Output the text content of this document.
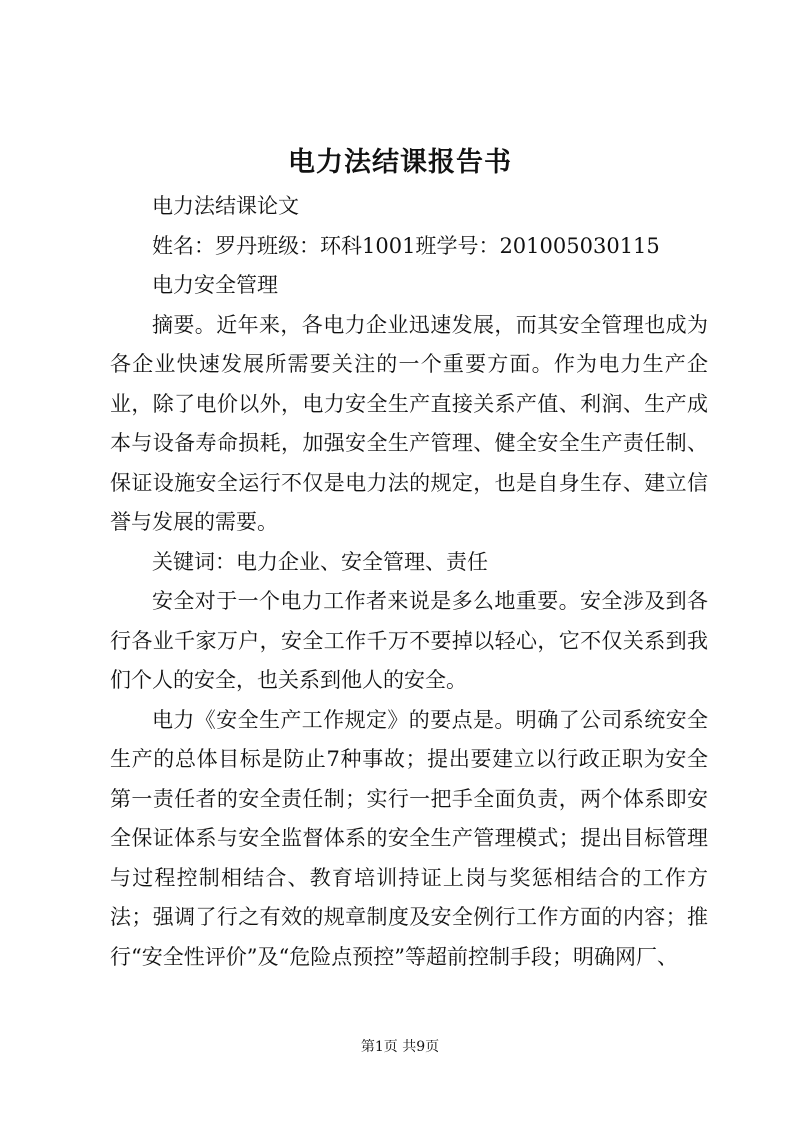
电力法结课报告书

电力法结课论文

姓名：罗丹班级：环科1001班学号：201005030115

电力安全管理

摘要。近年来，各电力企业迅速发展，而其安全管理也成为各企业快速发展所需要关注的一个重要方面。作为电力生产企业，除了电价以外，电力安全生产直接关系产值、利润、生产成本与设备寿命损耗，加强安全生产管理、健全安全生产责任制、保证设施安全运行不仅是电力法的规定，也是自身生存、建立信誉与发展的需要。

关键词：电力企业、安全管理、责任

安全对于一个电力工作者来说是多么地重要。安全涉及到各行各业千家万户，安全工作千万不要掉以轻心，它不仅关系到我们个人的安全，也关系到他人的安全。

电力《安全生产工作规定》的要点是。明确了公司系统安全生产的总体目标是防止7种事故；提出要建立以行政正职为安全第一责任者的安全责任制；实行一把手全面负责，两个体系即安全保证体系与安全监督体系的安全生产管理模式；提出目标管理与过程控制相结合、教育培训持证上岗与奖惩相结合的工作方法；强调了行之有效的规章制度及安全例行工作方面的内容；推行“安全性评价”及“危险点预控”等超前控制手段；明确网厂、

第1页 共9页
